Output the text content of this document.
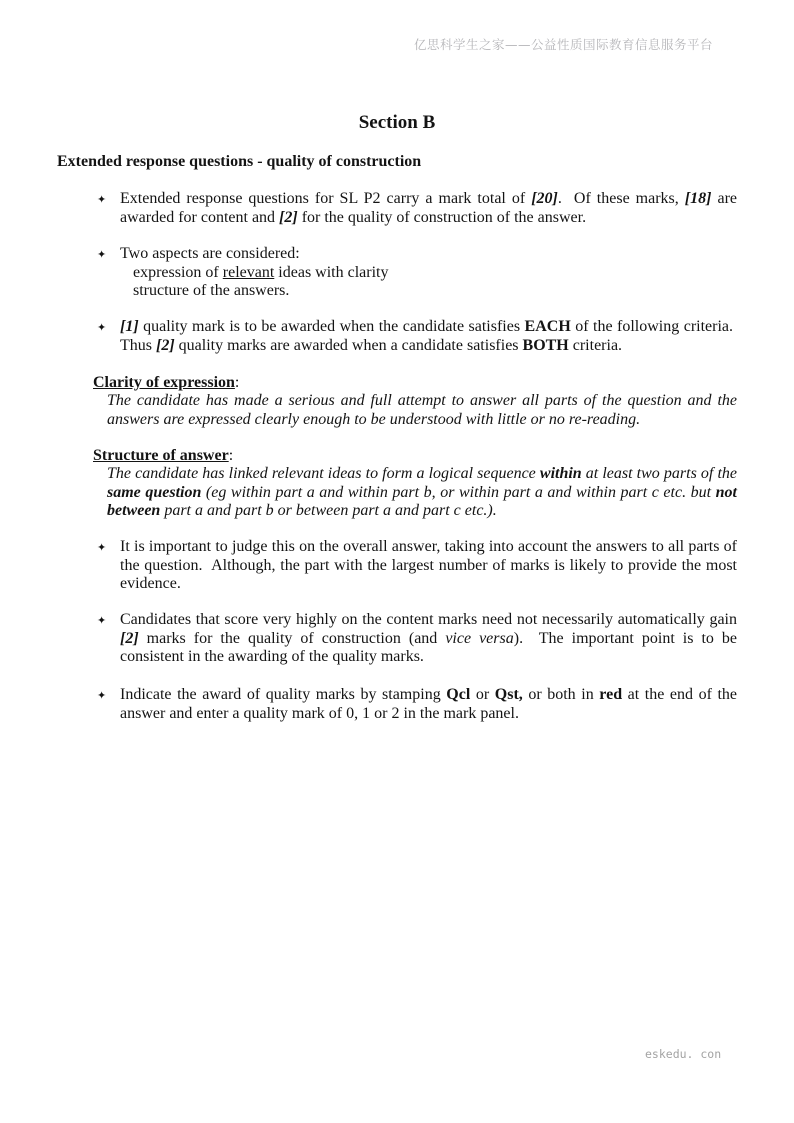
亿思科学生之家——公益性质国际教育信息服务平台
Section B
Extended response questions - quality of construction
✦ Extended response questions for SL P2 carry a mark total of [20].  Of these marks, [18] are awarded for content and [2] for the quality of construction of the answer.
✦ Two aspects are considered:
expression of relevant ideas with clarity
structure of the answers.
✦ [1] quality mark is to be awarded when the candidate satisfies EACH of the following criteria.  Thus [2] quality marks are awarded when a candidate satisfies BOTH criteria.
Clarity of expression:
The candidate has made a serious and full attempt to answer all parts of the question and the answers are expressed clearly enough to be understood with little or no re-reading.
Structure of answer:
The candidate has linked relevant ideas to form a logical sequence within at least two parts of the same question (eg within part a and within part b, or within part a and within part c etc. but not between part a and part b or between part a and part c etc.).
✦ It is important to judge this on the overall answer, taking into account the answers to all parts of the question.  Although, the part with the largest number of marks is likely to provide the most evidence.
✦ Candidates that score very highly on the content marks need not necessarily automatically gain [2] marks for the quality of construction (and vice versa).  The important point is to be consistent in the awarding of the quality marks.
✦ Indicate the award of quality marks by stamping Qcl or Qst, or both in red at the end of the answer and enter a quality mark of 0, 1 or 2 in the mark panel.
eskedu. con
